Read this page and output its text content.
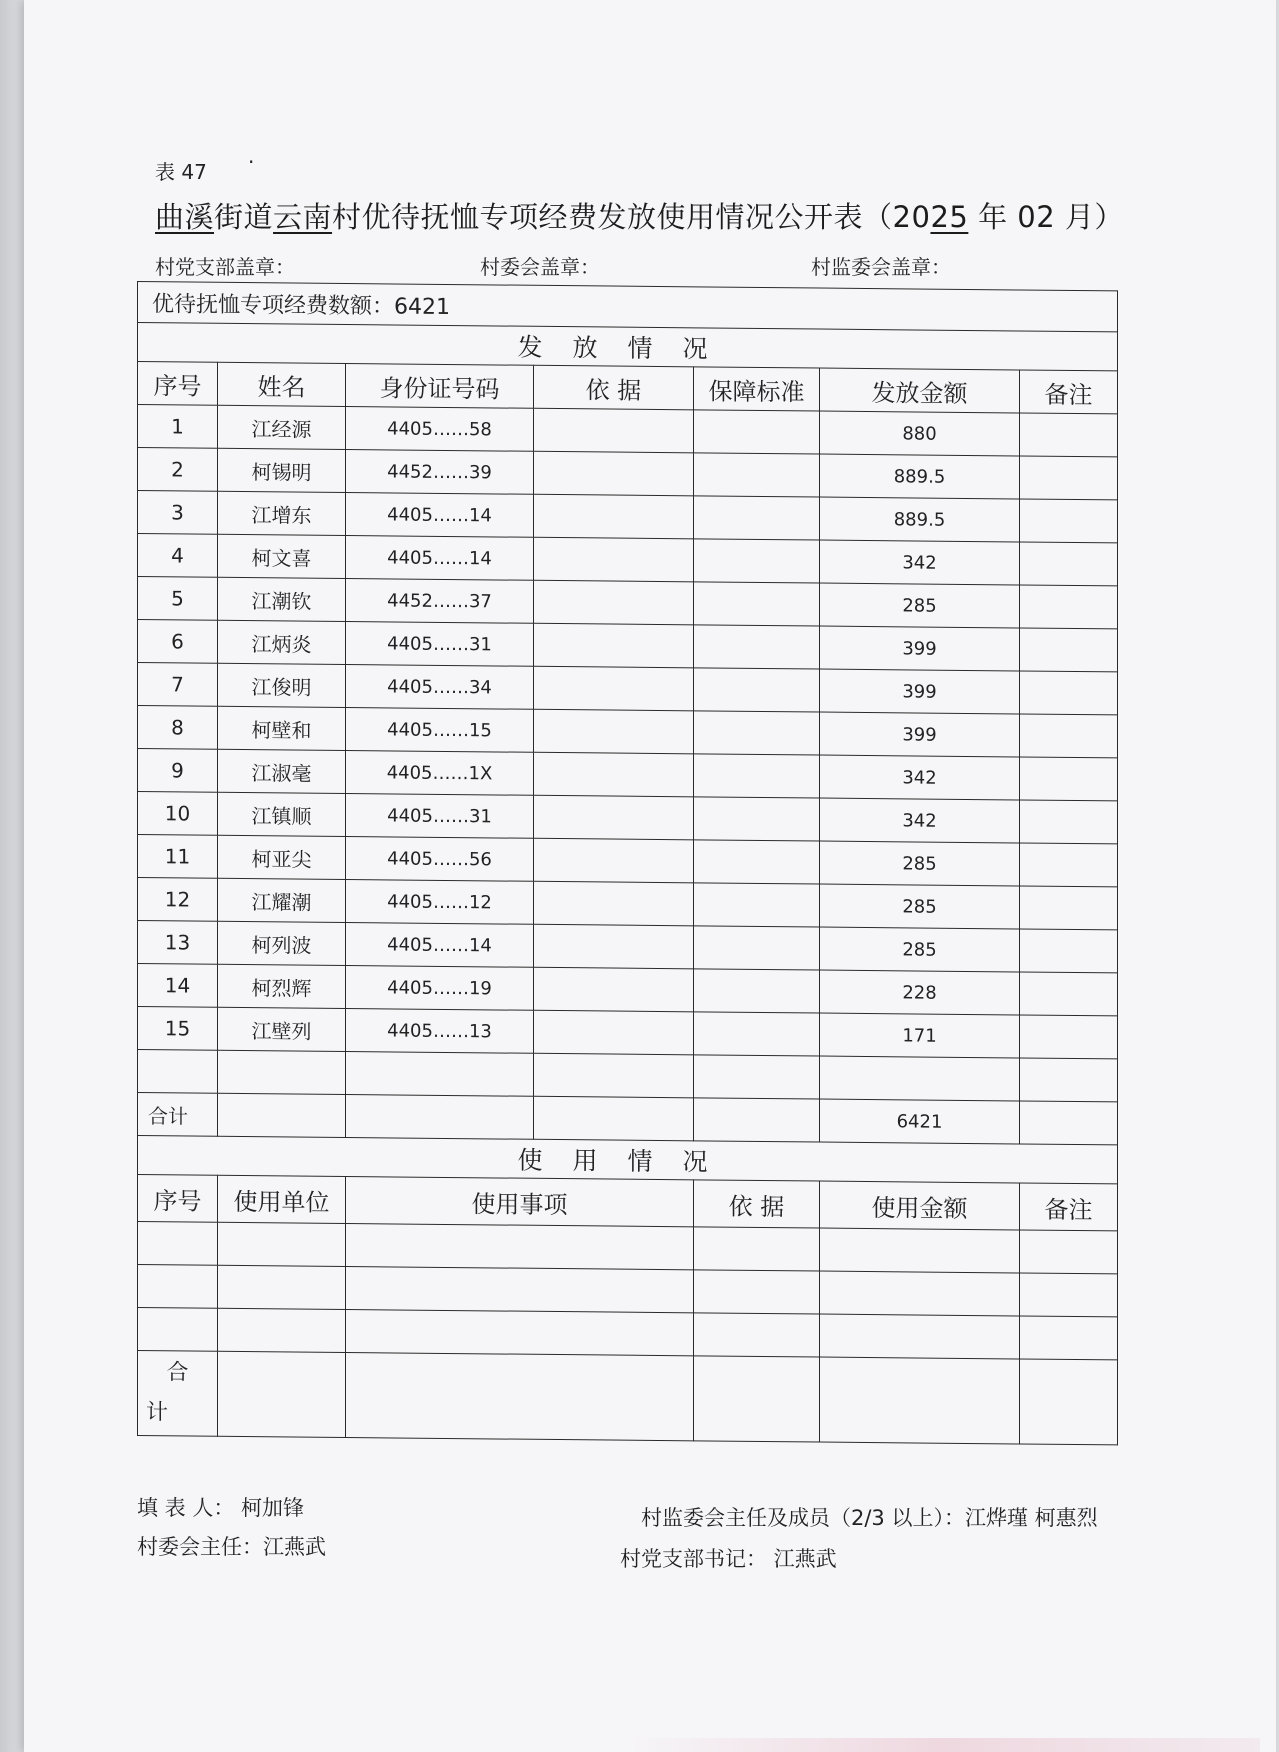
表 47 ·
曲溪街道云南村优待抚恤专项经费发放使用情况公开表（2025 年 02 月）
村党支部盖章：	村委会盖章：	村监委会盖章：
优待抚恤专项经费数额：6421						
发放情况						
序号	姓名	身份证号码	依 据	保障标准	发放金额	备注
1	江经源	4405……58			880	
2	柯锡明	4452……39			889.5	
3	江增东	4405……14			889.5	
4	柯文喜	4405……14			342	
5	江潮钦	4452……37			285	
6	江炳炎	4405……31			399	
7	江俊明	4405……34			399	
8	柯壁和	4405……15			399	
9	江淑毫	4405……1X			342	
10	江镇顺	4405……31			342	
11	柯亚尖	4405……56			285	
12	江耀潮	4405……12			285	
13	柯列波	4405……14			285	
14	柯烈辉	4405……19			228	
15	江壁列	4405……13			171	

合计					6421	
使用情况						
序号	使用单位	使用事项		依 据	使用金额	备注

合
计						

填 表 人： 柯加锋
村委会主任：江燕武
村监委会主任及成员（2/3 以上）：江烨瑾 柯惠烈
村党支部书记： 江燕武
